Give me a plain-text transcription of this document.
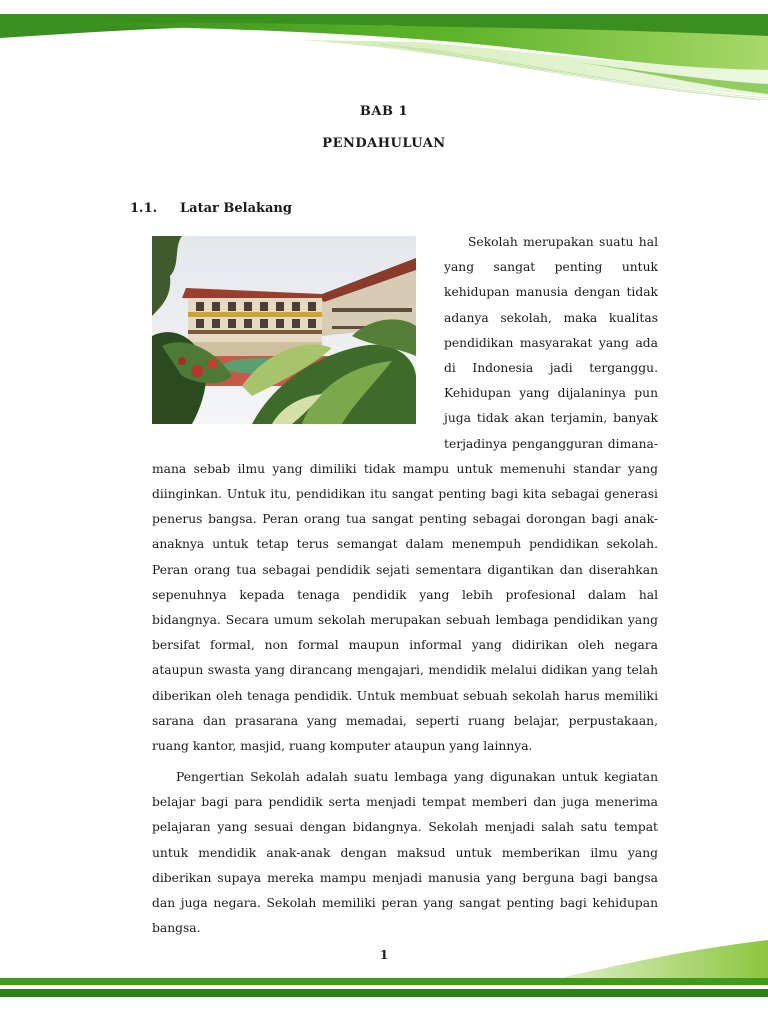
BAB 1
PENDAHULUAN
1.1. Latar Belakang
Sekolah merupakan suatu hal yang sangat penting untuk kehidupan manusia dengan tidak adanya sekolah, maka kualitas pendidikan masyarakat yang ada di Indonesia jadi terganggu. Kehidupan yang dijalaninya pun juga tidak akan terjamin, banyak terjadinya pengangguran dimana-mana sebab ilmu yang dimiliki tidak mampu untuk memenuhi standar yang diinginkan. Untuk itu, pendidikan itu sangat penting bagi kita sebagai generasi penerus bangsa. Peran orang tua sangat penting sebagai dorongan bagi anak-anaknya untuk tetap terus semangat dalam menempuh pendidikan sekolah. Peran orang tua sebagai pendidik sejati sementara digantikan dan diserahkan sepenuhnya kepada tenaga pendidik yang lebih profesional dalam hal bidangnya. Secara umum sekolah merupakan sebuah lembaga pendidikan yang bersifat formal, non formal maupun informal yang didirikan oleh negara ataupun swasta yang dirancang mengajari, mendidik melalui didikan yang telah diberikan oleh tenaga pendidik. Untuk membuat sebuah sekolah harus memiliki sarana dan prasarana yang memadai, seperti ruang belajar, perpustakaan, ruang kantor, masjid, ruang komputer ataupun yang lainnya.
Pengertian Sekolah adalah suatu lembaga yang digunakan untuk kegiatan belajar bagi para pendidik serta menjadi tempat memberi dan juga menerima pelajaran yang sesuai dengan bidangnya. Sekolah menjadi salah satu tempat untuk mendidik anak-anak dengan maksud untuk memberikan ilmu yang diberikan supaya mereka mampu menjadi manusia yang berguna bagi bangsa dan juga negara. Sekolah memiliki peran yang sangat penting bagi kehidupan bangsa.
1
